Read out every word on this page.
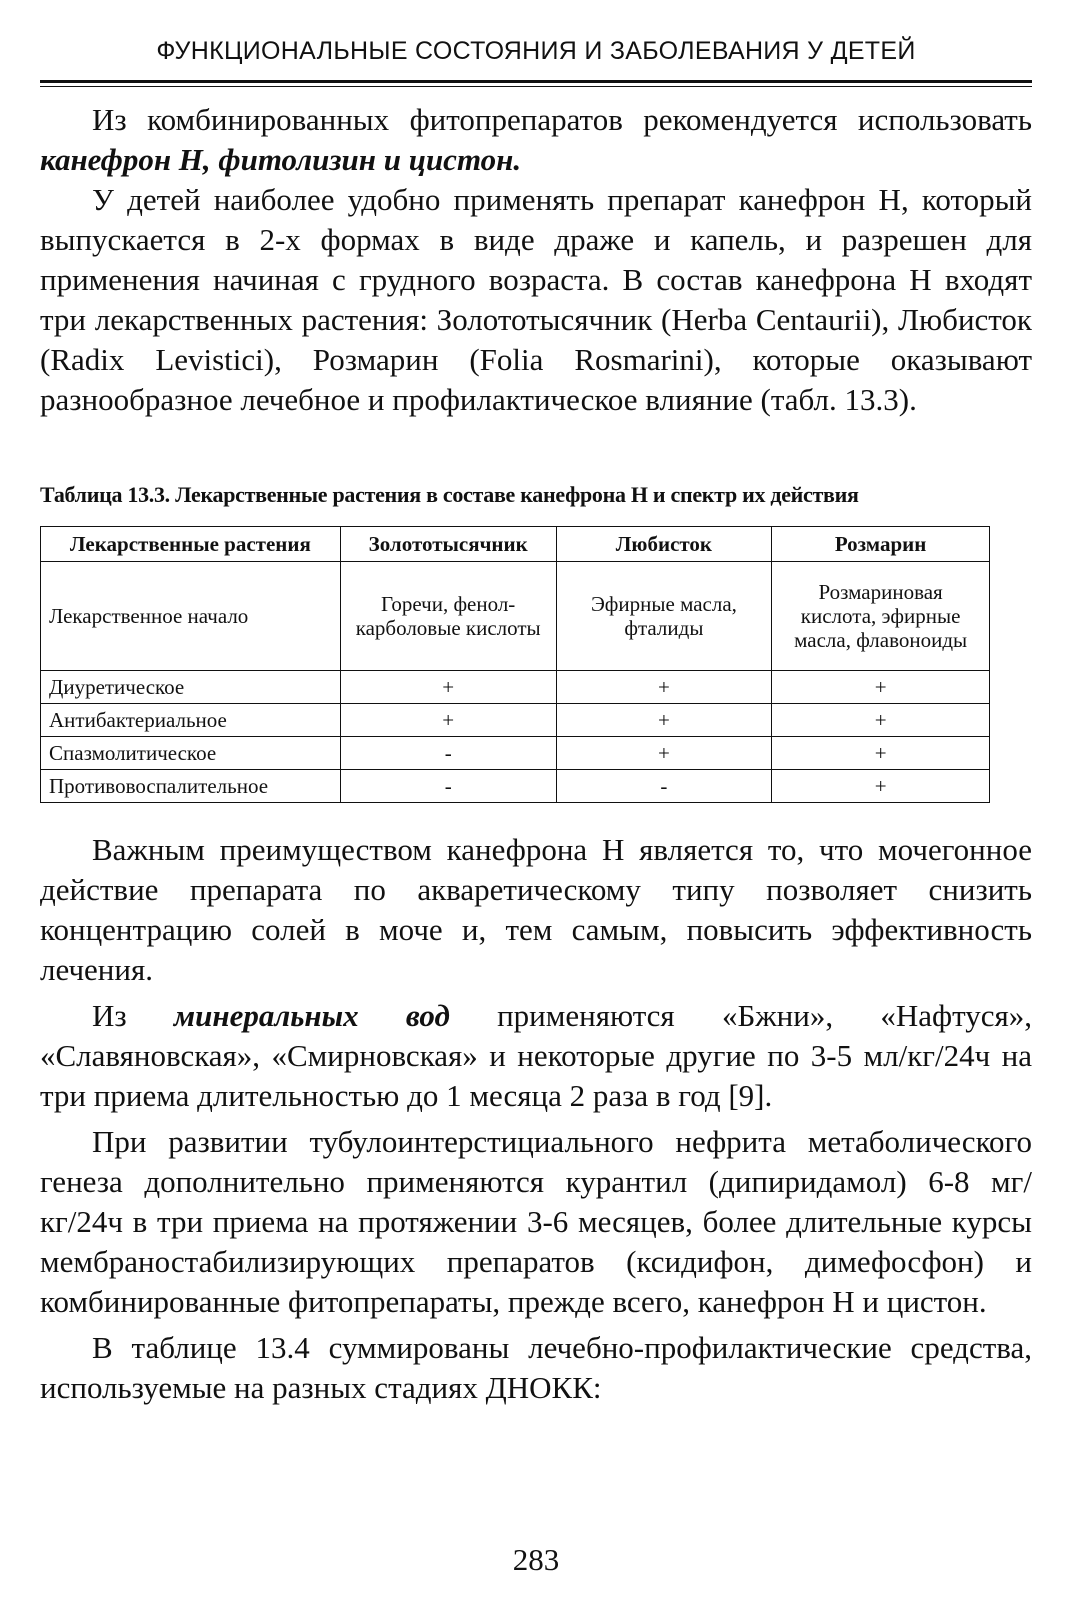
ФУНКЦИОНАЛЬНЫЕ СОСТОЯНИЯ И ЗАБОЛЕВАНИЯ У ДЕТЕЙ

Из комбинированных фитопрепаратов рекомендуется использовать канефрон Н, фитолизин и цистон.

У детей наиболее удобно применять препарат канефрон Н, который выпускается в 2-х формах в виде драже и капель, и разрешен для применения начиная с грудного возраста. В состав канефрона Н входят три лекарственных растения: Золототысячник (Herba Centaurii), Любисток (Radix Levistici), Розмарин (Folia Rosmarini), которые оказывают разнообразное лечебное и профилактическое влияние (табл. 13.3).

Таблица 13.3. Лекарственные растения в составе канефрона Н и спектр их действия
Лекарственные растения	Золототысячник	Любисток	Розмарин
Лекарственное начало	Горечи, фенол-карболовые кислоты	Эфирные масла, фталиды	Розмариновая кислота, эфирные масла, флавоноиды
Диуретическое	+	+	+
Антибактериальное	+	+	+
Спазмолитическое	-	+	+
Противовоспалительное	-	-	+

Важным преимуществом канефрона Н является то, что мочегонное действие препарата по акваретическому типу позволяет снизить концентрацию солей в моче и, тем самым, повысить эффективность лечения.

Из минеральных вод применяются «Бжни», «Нафтуся», «Славяновская», «Смирновская» и некоторые другие по 3-5 мл/кг/24ч на три приема длительностью до 1 месяца 2 раза в год [9].

При развитии тубулоинтерстициального нефрита метаболического генеза дополнительно применяются курантил (дипиридамол) 6-8 мг/кг/24ч в три приема на протяжении 3-6 месяцев, более длительные курсы мембраностабилизирующих препаратов (ксидифон, димефосфон) и комбинированные фитопрепараты, прежде всего, канефрон Н и цистон.

В таблице 13.4 суммированы лечебно-профилактические средства, используемые на разных стадиях ДНОКК:

283
